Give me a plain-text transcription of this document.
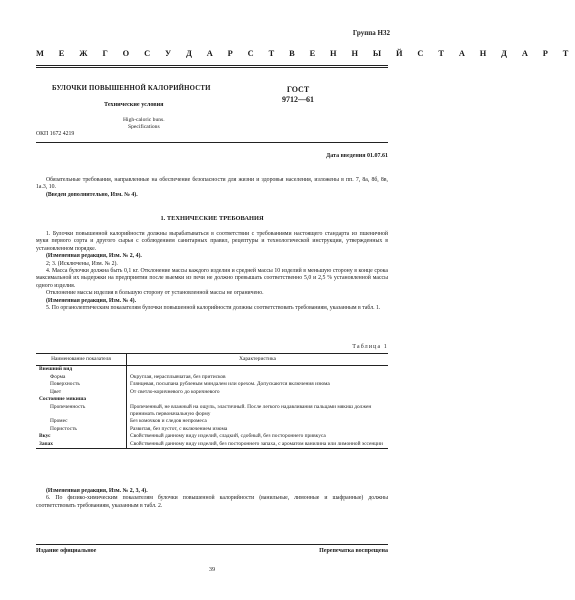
Группа Н32
М Е Ж Г О С У Д А Р С Т В Е Н Н Ы Й С Т А Н Д А Р Т
БУЛОЧКИ ПОВЫШЕННОЙ КАЛОРИЙНОСТИ	ГОСТ
9712—61
Технические условия
High-caloric buns.
Specifications
ОКП 1672 4219
Дата введения 01.07.61

Обязательные требования, направленные на обеспечение безопасности для жизни и здоровья населения, изложены в пп. 7, 8а, 8б, 8в, 1а.3, 10.

(Введен дополнительно, Изм. № 4).

1. ТЕХНИЧЕСКИЕ ТРЕБОВАНИЯ

1. Булочки повышенной калорийности должны вырабатываться в соответствии с требованиями настоящего стандарта из пшеничной муки первого сорта и другого сырья с соблюдением санитарных правил, рецептуры и технологической инструкции, утвержденных в установленном порядке.

(Измененная редакция, Изм. № 2, 4).

2; 3. (Исключены, Изм. № 2).

4. Масса булочки должна быть 0,1 кг. Отклонение массы каждого изделия и средней массы 10 изделий в меньшую сторону в конце срока максимальной их выдержки на предприятии после выемки из печи не должно превышать соответственно 5,0 и 2,5 % установленной массы одного изделия.

Отклонение массы изделия в большую сторону от установленной массы не ограничено.

(Измененная редакция, Изм. № 4).

5. По органолептическим показателям булочки повышенной калорийности должны соответствовать требованиям, указанным в табл. 1.

Таблица 1
Наименование показателя	Характеристика
Внешний вид	
Форма	Округлая, нерасплывчатая, без притисков
Поверхность	Глянцевая, посыпана рубленым миндалем или орехом. Допускаются включения изюма
Цвет	От светло-коричневого до коричневого
Состояние мякиша	
Пропеченность	Пропеченный, не влажный на ощупь, эластичный. После легкого надавливания пальцами мякиш должен принимать первоначальную форму
Промес	Без комочков и следов непромеса
Пористость	Развитая, без пустот, с включением изюма
Вкус	Свойственный данному виду изделий, сладкий, сдобный, без постороннего привкуса
Запах	Свойственный данному виду изделий, без постороннего запаха, с ароматом ванилина или лимонной эссенции

(Измененная редакция, Изм. № 2, 3, 4).

6. По физико-химическим показателям булочки повышенной калорийности (ванильные, лимонные и шафранные) должны соответствовать требованиям, указанным в табл. 2.

Издание официальное	Перепечатка воспрещена
39
